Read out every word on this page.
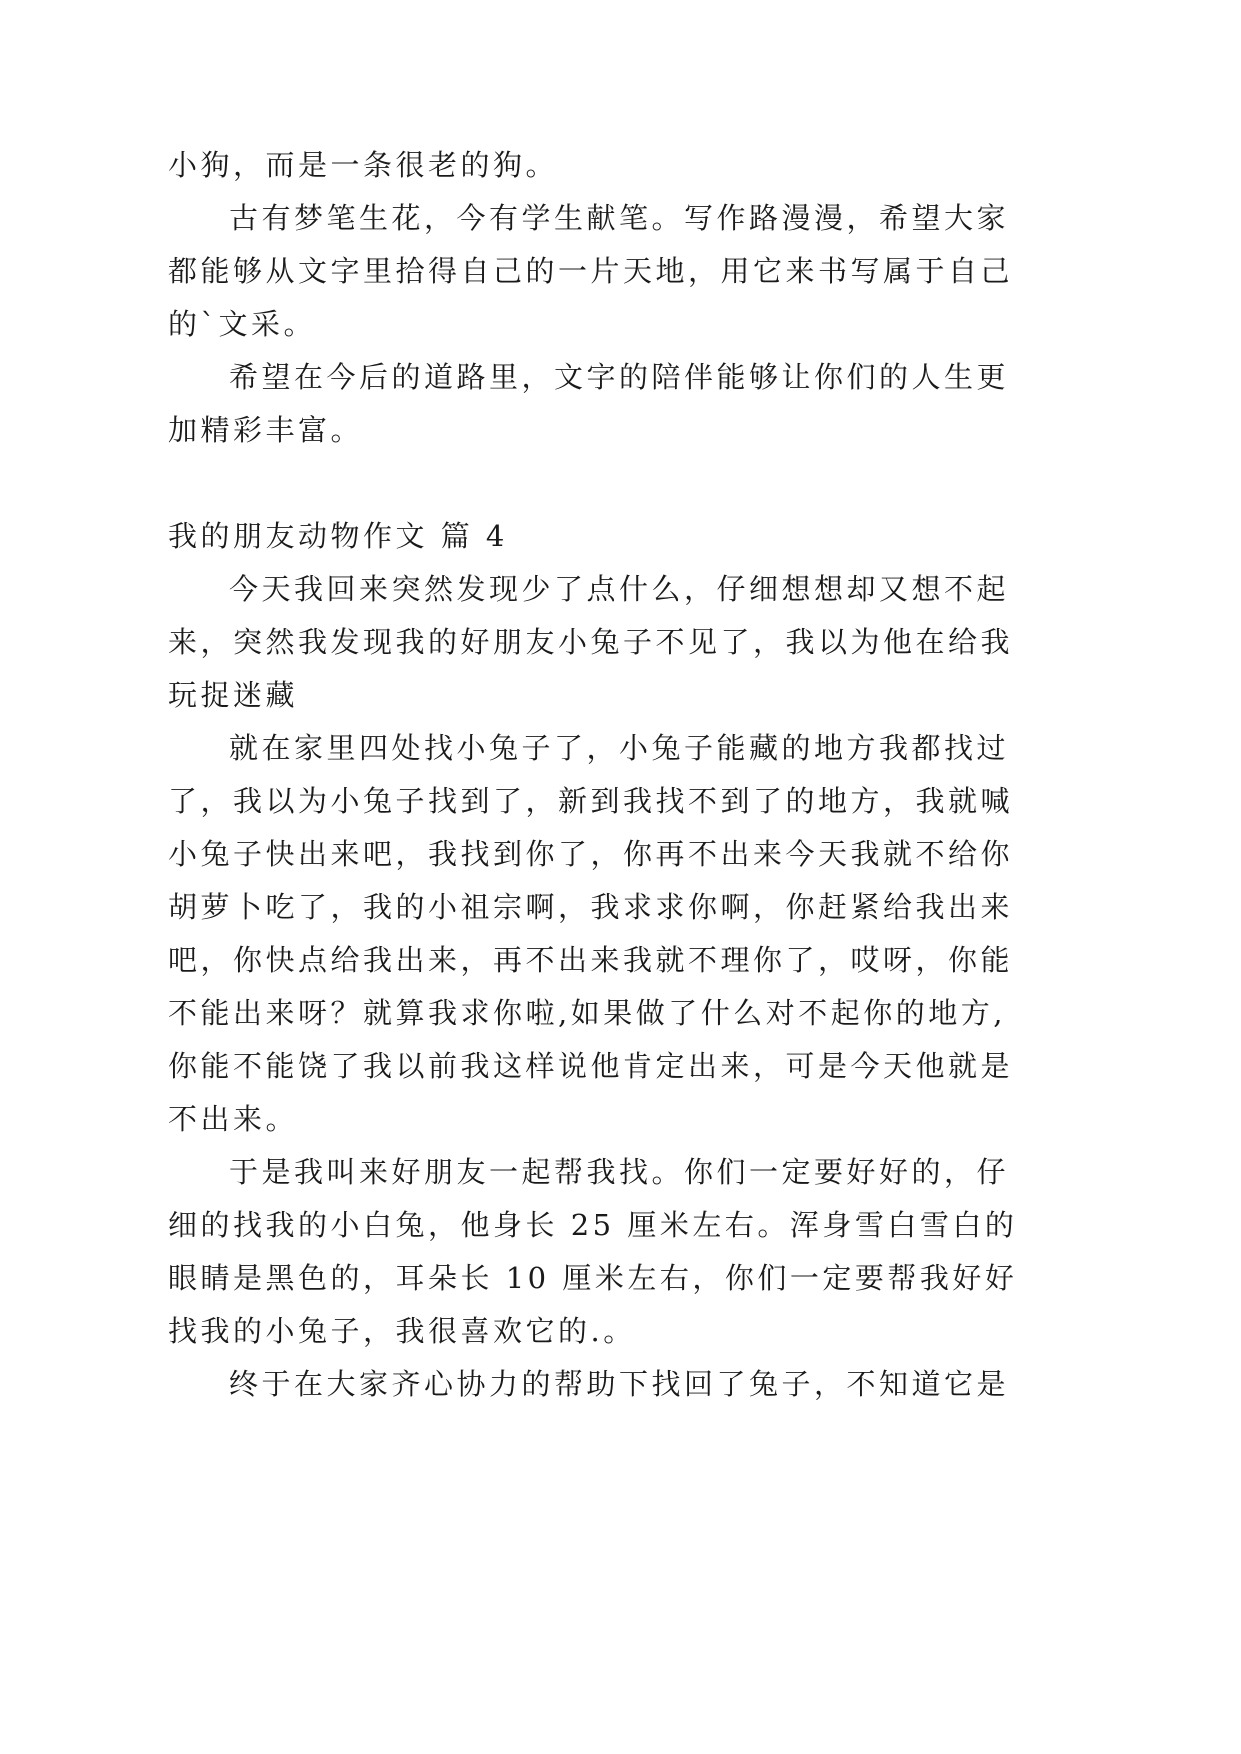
小狗，而是一条很老的狗。

古有梦笔生花，今有学生献笔。写作路漫漫，希望大家

都能够从文字里拾得自己的一片天地，用它来书写属于自己

的`文采。

希望在今后的道路里，文字的陪伴能够让你们的人生更

加精彩丰富。

我的朋友动物作文 篇 4

今天我回来突然发现少了点什么，仔细想想却又想不起

来，突然我发现我的好朋友小兔子不见了，我以为他在给我

玩捉迷藏

就在家里四处找小兔子了，小兔子能藏的地方我都找过

了，我以为小兔子找到了，新到我找不到了的地方，我就喊

小兔子快出来吧，我找到你了，你再不出来今天我就不给你

胡萝卜吃了，我的小祖宗啊，我求求你啊，你赶紧给我出来

吧，你快点给我出来，再不出来我就不理你了，哎呀，你能

不能出来呀？就算我求你啦,如果做了什么对不起你的地方,

你能不能饶了我以前我这样说他肯定出来，可是今天他就是

不出来。

于是我叫来好朋友一起帮我找。你们一定要好好的，仔

细的找我的小白兔，他身长 25 厘米左右。浑身雪白雪白的

眼睛是黑色的，耳朵长 10 厘米左右，你们一定要帮我好好

找我的小兔子，我很喜欢它的.。

终于在大家齐心协力的帮助下找回了兔子，不知道它是
